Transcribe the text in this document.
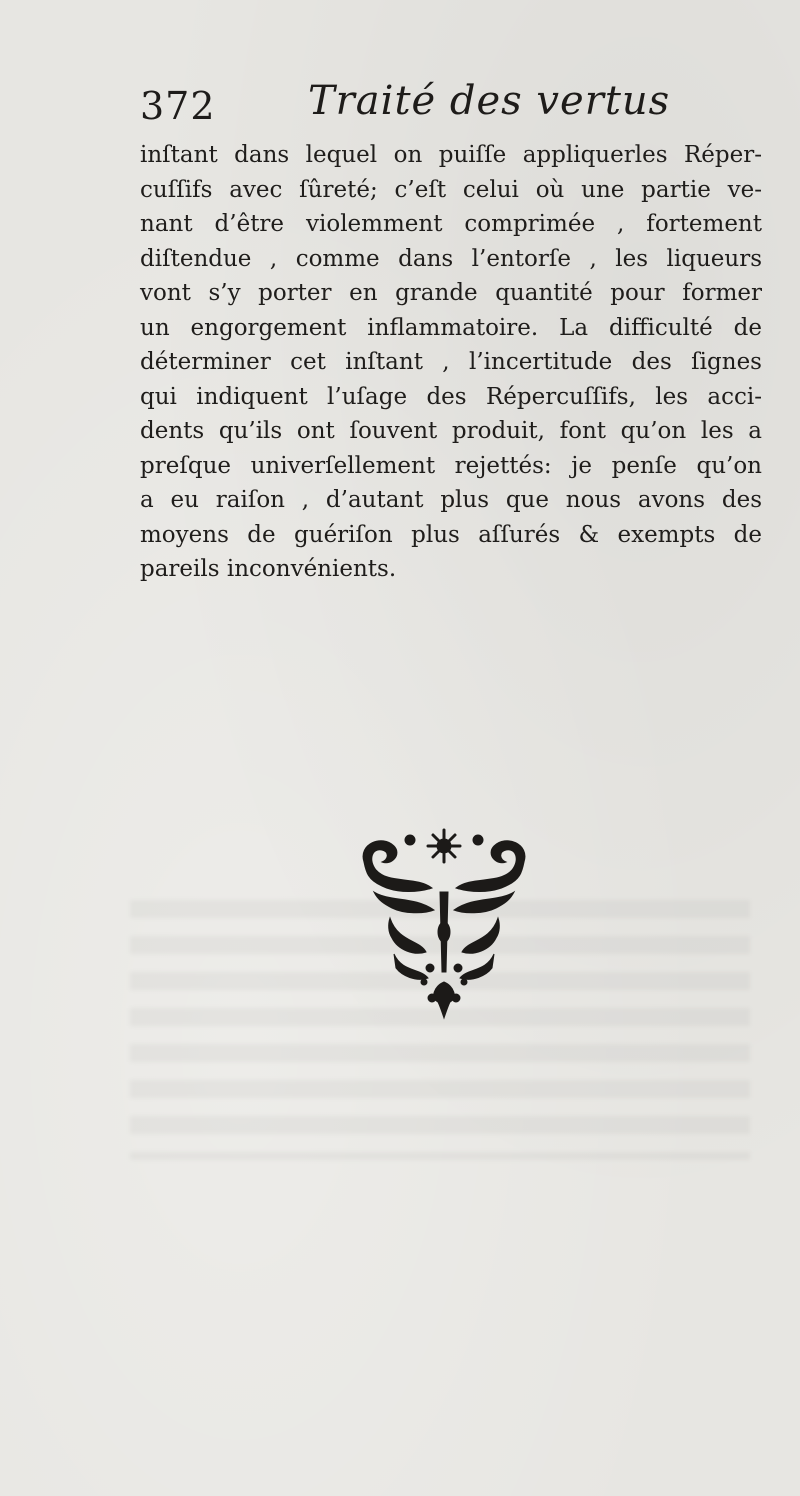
372 Traité des vertus
inſtant dans lequel on puiſſe appliquerles Réper-
cuſſifs avec ſûreté; c’eſt celui où une partie ve-
nant d’être violemment comprimée , fortement
diſtendue , comme dans l’entorſe , les liqueurs
vont s’y porter en grande quantité pour former
un engorgement inflammatoire. La difficulté de
déterminer cet inſtant , l’incertitude des ſignes
qui indiquent l’uſage des Répercuſſifs, les acci-
dents qu’ils ont ſouvent produit, font qu’on les a
preſque univerſellement rejettés: je penſe qu’on
a eu raiſon , d’autant plus que nous avons des
moyens de guériſon plus aſſurés & exempts de
pareils inconvénients.
